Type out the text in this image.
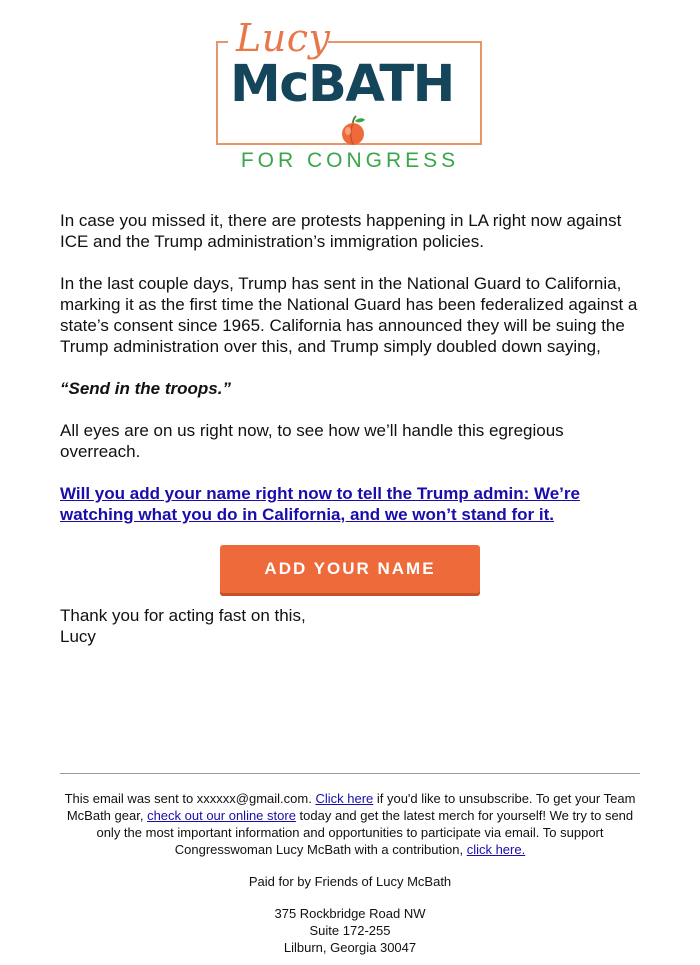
Lucy
McBATH
FOR CONGRESS

In case you missed it, there are protests happening in LA right now against ICE and the Trump administration’s immigration policies.

In the last couple days, Trump has sent in the National Guard to California, marking it as the first time the National Guard has been federalized against a state’s consent since 1965. California has announced they will be suing the Trump administration over this, and Trump simply doubled down saying,

“Send in the troops.”

All eyes are on us right now, to see how we’ll handle this egregious overreach.

Will you add your name right now to tell the Trump admin: We’re watching what you do in California, and we won’t stand for it.

ADD YOUR NAME

Thank you for acting fast on this,

Lucy

This email was sent to xxxxxx@gmail.com. Click here if you'd like to unsubscribe. To get your Team McBath gear, check out our online store today and get the latest merch for yourself! We try to send only the most important information and opportunities to participate via email. To support Congresswoman Lucy McBath with a contribution, click here.

Paid for by Friends of Lucy McBath

375 Rockbridge Road NW
Suite 172-255
Lilburn, Georgia 30047
